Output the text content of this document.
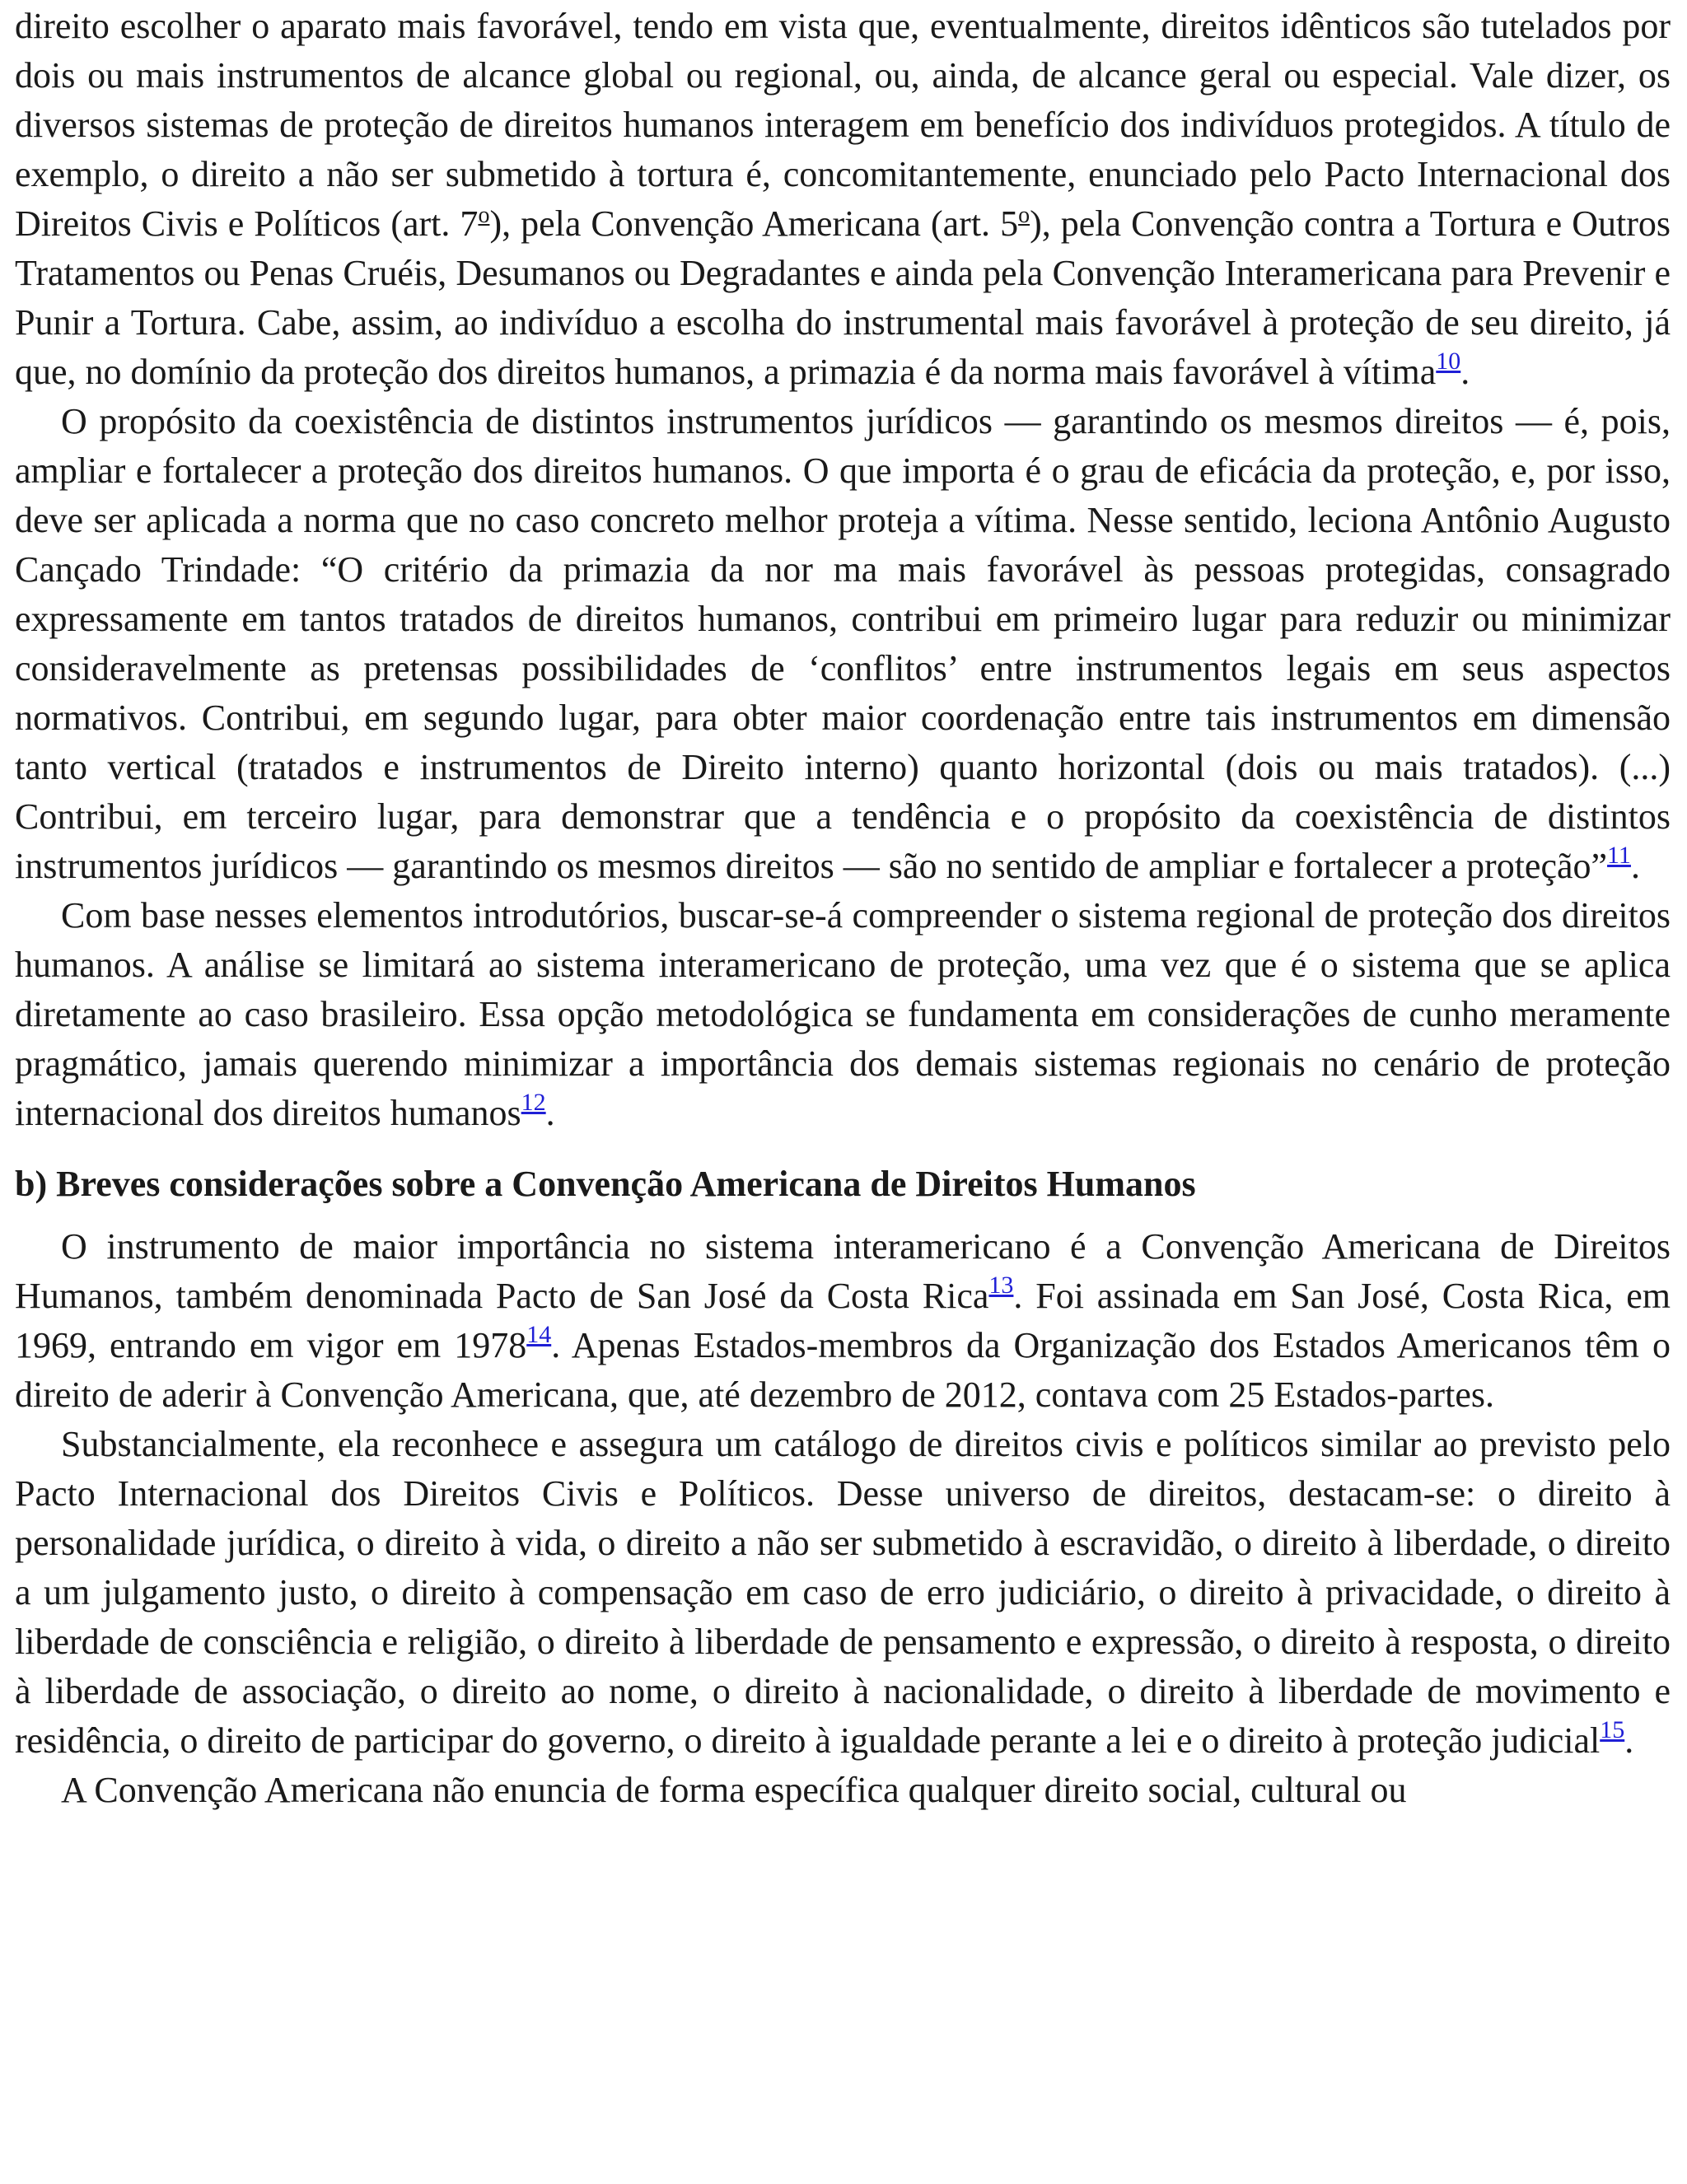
direito escolher o aparato mais favorável, tendo em vista que, eventualmente, direitos idênticos são tutelados por dois ou mais instrumentos de alcance global ou regional, ou, ainda, de alcance geral ou especial. Vale dizer, os diversos sistemas de proteção de direitos humanos interagem em benefício dos indivíduos protegidos. A título de exemplo, o direito a não ser submetido à tortura é, concomitantemente, enunciado pelo Pacto Internacional dos Direitos Civis e Políticos (art. 7$^o$), pela Convenção Americana (art. 5$^o$), pela Convenção contra a Tortura e Outros Tratamentos ou Penas Cruéis, Desumanos ou Degradantes e ainda pela Convenção Interamericana para Prevenir e Punir a Tortura. Cabe, assim, ao indivíduo a escolha do instrumental mais favorável à proteção de seu direito, já que, no domínio da proteção dos direitos humanos, a primazia é da norma mais favorável à vítima$^{10}$.

O propósito da coexistência de distintos instrumentos jurídicos — garantindo os mesmos direitos — é, pois, ampliar e fortalecer a proteção dos direitos humanos. O que importa é o grau de eficácia da proteção, e, por isso, deve ser aplicada a norma que no caso concreto melhor proteja a vítima. Nesse sentido, leciona Antônio Augusto Cançado Trindade: “O critério da primazia da nor ma mais favorável às pessoas protegidas, consagrado expressamente em tantos tratados de direitos humanos, contribui em primeiro lugar para reduzir ou minimizar consideravelmente as pretensas possibilidades de ‘conflitos’ entre instrumentos legais em seus aspectos normativos. Contribui, em segundo lugar, para obter maior coordenação entre tais instrumentos em dimensão tanto vertical (tratados e instrumentos de Direito interno) quanto horizontal (dois ou mais tratados). (...) Contribui, em terceiro lugar, para demonstrar que a tendência e o propósito da coexistência de distintos instrumentos jurídicos — garantindo os mesmos direitos — são no sentido de ampliar e fortalecer a proteção”$^{11}$.

Com base nesses elementos introdutórios, buscar-se-á compreender o sistema regional de proteção dos direitos humanos. A análise se limitará ao sistema interamericano de proteção, uma vez que é o sistema que se aplica diretamente ao caso brasileiro. Essa opção metodológica se fundamenta em considerações de cunho meramente pragmático, jamais querendo minimizar a importância dos demais sistemas regionais no cenário de proteção internacional dos direitos humanos$^{12}$.

b) Breves considerações sobre a Convenção Americana de Direitos Humanos

O instrumento de maior importância no sistema interamericano é a Convenção Americana de Direitos Humanos, também denominada Pacto de San José da Costa Rica$^{13}$. Foi assinada em San José, Costa Rica, em 1969, entrando em vigor em 1978$^{14}$. Apenas Estados-membros da Organização dos Estados Americanos têm o direito de aderir à Convenção Americana, que, até dezembro de 2012, contava com 25 Estados-partes.

Substancialmente, ela reconhece e assegura um catálogo de direitos civis e políticos similar ao previsto pelo Pacto Internacional dos Direitos Civis e Políticos. Desse universo de direitos, destacam-se: o direito à personalidade jurídica, o direito à vida, o direito a não ser submetido à escravidão, o direito à liberdade, o direito a um julgamento justo, o direito à compensação em caso de erro judiciário, o direito à privacidade, o direito à liberdade de consciência e religião, o direito à liberdade de pensamento e expressão, o direito à resposta, o direito à liberdade de associação, o direito ao nome, o direito à nacionalidade, o direito à liberdade de movimento e residência, o direito de participar do governo, o direito à igualdade perante a lei e o direito à proteção judicial$^{15}$.

A Convenção Americana não enuncia de forma específica qualquer direito social, cultural ou
